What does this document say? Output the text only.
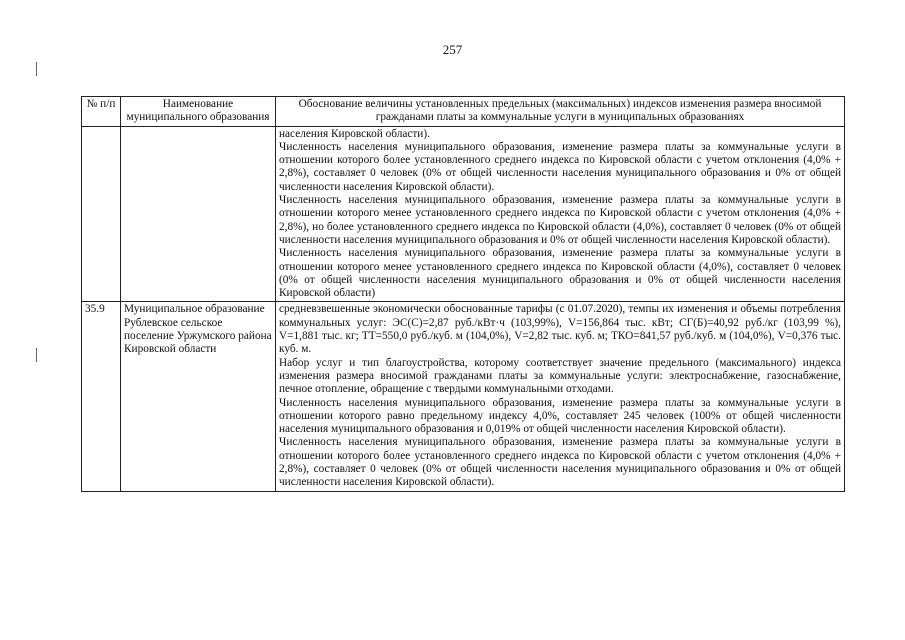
257
№ п/п	Наименование муниципального образования	Обоснование величины установленных предельных (максимальных) индексов изменения размера вносимой гражданами платы за коммунальные услуги в муниципальных образованиях

		населения Кировской области).
Численность населения муниципального образования, изменение размера платы за коммунальные услуги в отношении которого более установленного среднего индекса по Кировской области с учетом отклонения (4,0% + 2,8%), составляет 0 человек (0% от общей численности населения муниципального образования и 0% от общей численности населения Кировской области).
Численность населения муниципального образования, изменение размера платы за коммунальные услуги в отношении которого менее установленного среднего индекса по Кировской области с учетом отклонения (4,0% + 2,8%), но более установленного среднего индекса по Кировской области (4,0%), составляет 0 человек (0% от общей численности населения муниципального образования и 0% от общей численности населения Кировской области).
Численность населения муниципального образования, изменение размера платы за коммунальные услуги в отношении которого менее установленного среднего индекса по Кировской области (4,0%), составляет 0 человек (0% от общей численности населения муниципального образования и 0% от общей численности населения Кировской области)

35.9	Муниципальное образование Рублевское сельское поселение Уржумского района Кировской области	средневзвешенные экономически обоснованные тарифы (с 01.07.2020), темпы их изменения и объемы потребления коммунальных услуг: ЭС(С)=2,87 руб./кВт·ч (103,99%), V=156,864 тыс. кВт; СГ(Б)=40,92 руб./кг (103,99 %), V=1,881 тыс. кг; ТТ=550,0 руб./куб. м (104,0%), V=2,82 тыс. куб. м; ТКО=841,57 руб./куб. м (104,0%), V=0,376 тыс. куб. м.
Набор услуг и тип благоустройства, которому соответствует значение предельного (максимального) индекса изменения размера вносимой гражданами платы за коммунальные услуги: электроснабжение, газоснабжение, печное отопление, обращение с твердыми коммунальными отходами.
Численность населения муниципального образования, изменение размера платы за коммунальные услуги в отношении которого равно предельному индексу 4,0%, составляет 245 человек (100% от общей численности населения муниципального образования и 0,019% от общей численности населения Кировской области).
Численность населения муниципального образования, изменение размера платы за коммунальные услуги в отношении которого более установленного среднего индекса по Кировской области с учетом отклонения (4,0% + 2,8%), составляет 0 человек (0% от общей численности населения муниципального образования и 0% от общей численности населения Кировской области).
